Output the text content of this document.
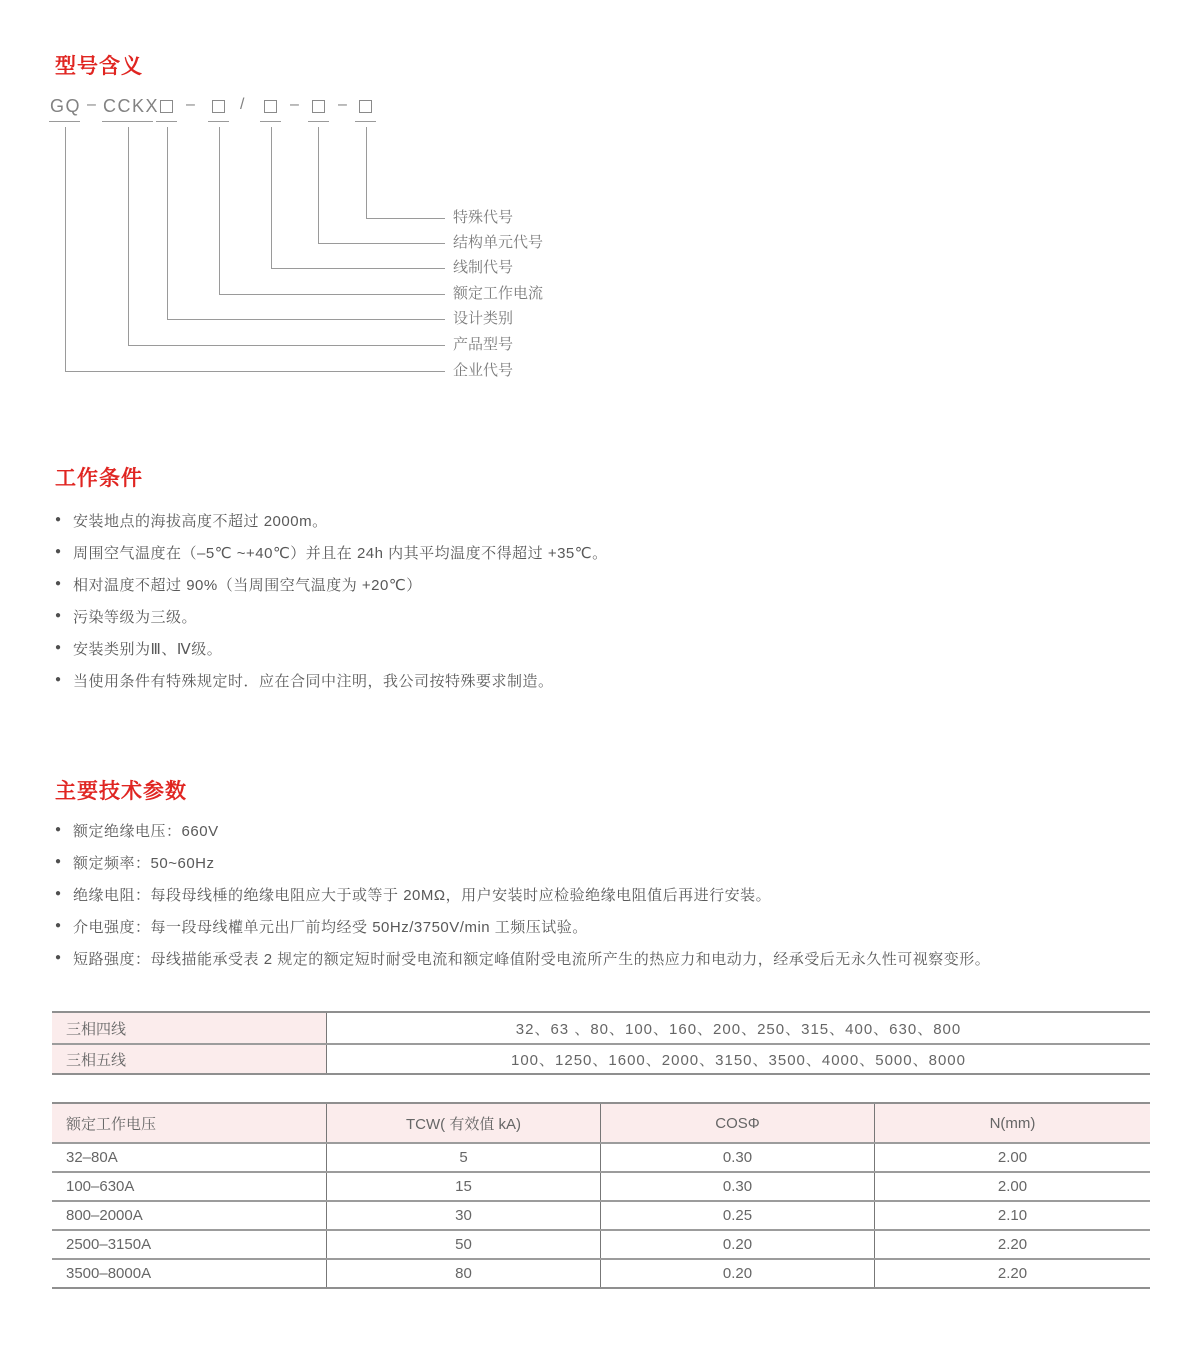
型号含义
GQ – CCKX –	/	– –
特殊代号
结构单元代号
线制代号
额定工作电流
设计类别
产品型号
企业代号
工作条件
● 安装地点的海拔高度不超过 2000m。
● 周围空气温度在（–5℃ ~+40℃）并且在 24h 内其平均温度不得超过 +35℃。
● 相对温度不超过 90%（当周围空气温度为 +20℃）
● 污染等级为三级。
● 安装类别为Ⅲ、Ⅳ级。
● 当使用条件有特殊规定时．应在合同中注明，我公司按特殊要求制造。
主要技术参数
● 额定绝缘电压：660V
● 额定频率：50~60Hz
● 绝缘电阻：每段母线棰的绝缘电阻应大于或等于 20MΩ，用户安装时应检验绝缘电阻值后再进行安装。
● 介电强度：每一段母线權单元出厂前均经受 50Hz/3750V/min 工频压试验。
● 短路强度：母线描能承受表 2 规定的额定短时耐受电流和额定峰值附受电流所产生的热应力和电动力，经承受后无永久性可视察变形。
三相四线	32、63 、80、100、160、200、250、315、400、630、800
三相五线	100、1250、1600、2000、3150、3500、4000、5000、8000
额定工作电压	TCW( 有效值 kA)	COSΦ	N(mm)
32–80A	5	0.30	2.00
100–630A	15	0.30	2.00
800–2000A	30	0.25	2.10
2500–3150A	50	0.20	2.20
3500–8000A	80	0.20	2.20
